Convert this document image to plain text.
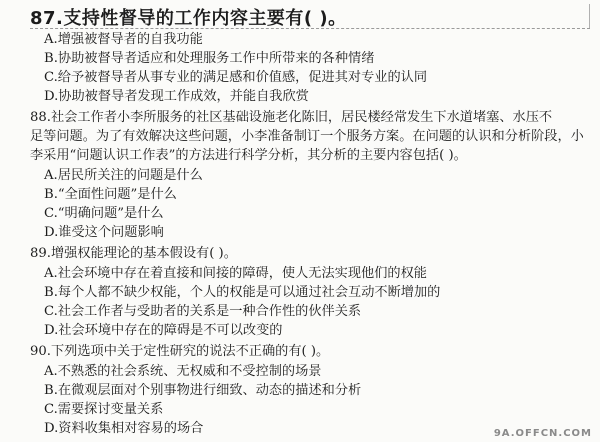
87.支持性督导的工作内容主要有( )。
A.增强被督导者的自我功能
B.协助被督导者适应和处理服务工作中所带来的各种情绪
C.给予被督导者从事专业的满足感和价值感，促进其对专业的认同
D.协助被督导者发现工作成效，并能自我欣赏
88.社会工作者小李所服务的社区基础设施老化陈旧，居民楼经常发生下水道堵塞、水压不
足等问题。为了有效解决这些问题，小李准备制订一个服务方案。在问题的认识和分析阶段，小
李采用“问题认识工作表”的方法进行科学分析，其分析的主要内容包括( )。
A.居民所关注的问题是什么
B.“全面性问题”是什么
C.“明确问题”是什么
D.谁受这个问题影响
89.增强权能理论的基本假设有( )。
A.社会环境中存在着直接和间接的障碍，使人无法实现他们的权能
B.每个人都不缺少权能，个人的权能是可以通过社会互动不断增加的
C.社会工作者与受助者的关系是一种合作性的伙伴关系
D.社会环境中存在的障碍是不可以改变的
90.下列选项中关于定性研究的说法不正确的有( )。
A.不熟悉的社会系统、无权威和不受控制的场景
B.在微观层面对个别事物进行细致、动态的描述和分析
C.需要探讨变量关系
D.资料收集相对容易的场合	9A.OFFCN.COM
